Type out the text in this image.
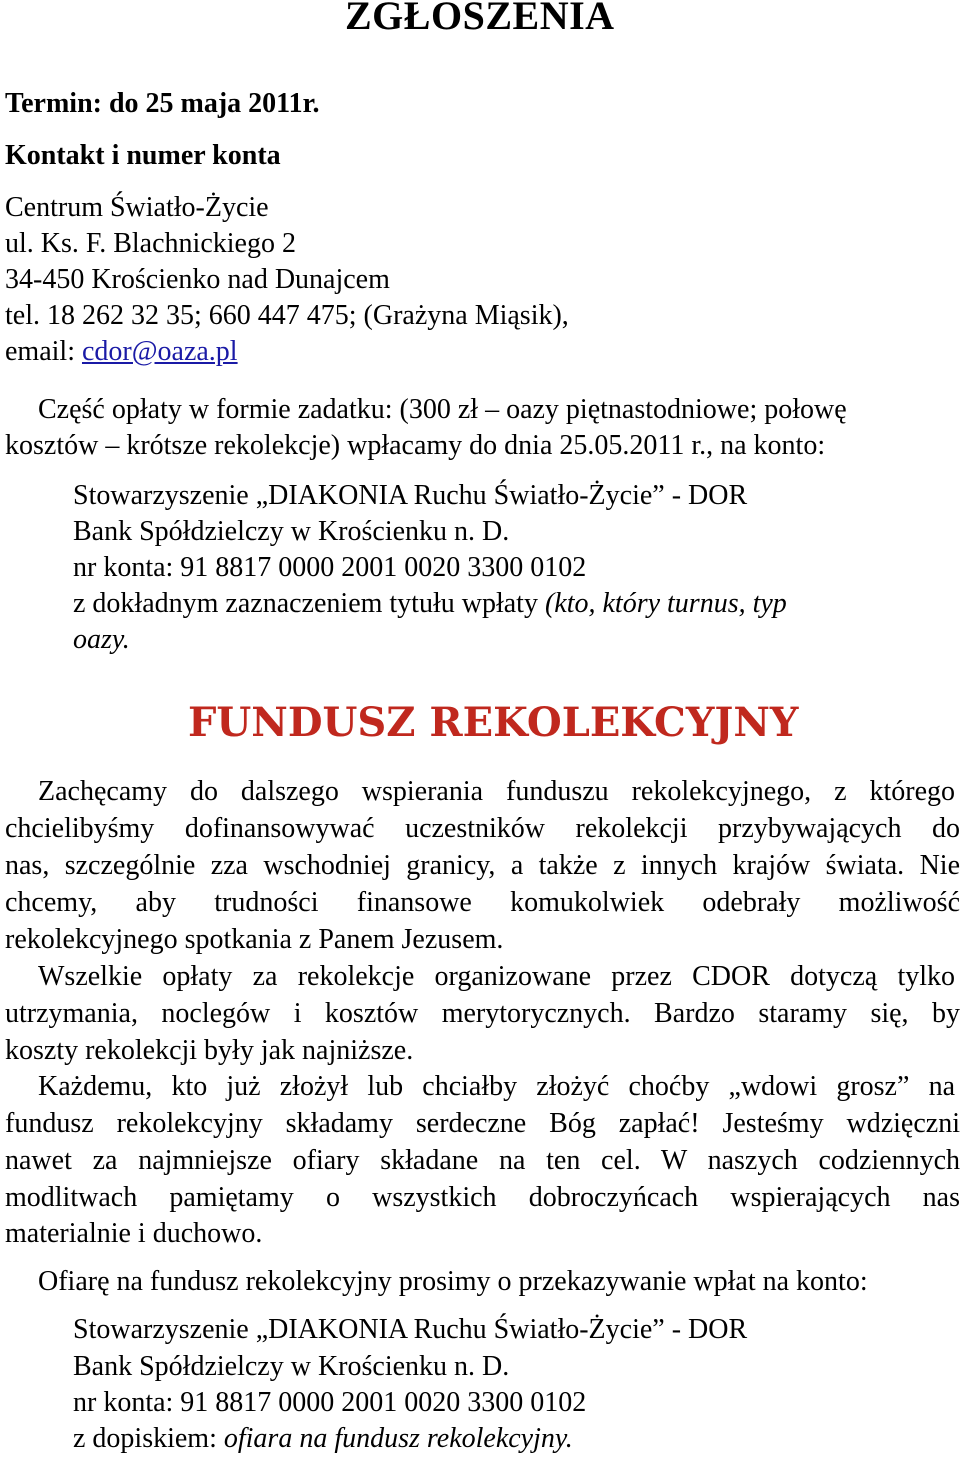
ZGŁOSZENIA
Termin: do 25 maja 2011r.
Kontakt i numer konta
Centrum Światło-Życie
ul. Ks. F. Blachnickiego 2
34-450 Krościenko nad Dunajcem
tel. 18 262 32 35; 660 447 475; (Grażyna Miąsik),
email: cdor@oaza.pl
Część opłaty w formie zadatku: (300 zł – oazy piętnastodniowe; połowę
kosztów – krótsze rekolekcje) wpłacamy do dnia 25.05.2011 r., na konto:
Stowarzyszenie „DIAKONIA Ruchu Światło-Życie” - DOR
Bank Spółdzielczy w Krościenku n. D.
nr konta: 91 8817 0000 2001 0020 3300 0102
z dokładnym zaznaczeniem tytułu wpłaty (kto, który turnus, typ
oazy.
FUNDUSZ REKOLEKCYJNY
Zachęcamy do dalszego wspierania funduszu rekolekcyjnego, z którego
chcielibyśmy dofinansowywać uczestników rekolekcji przybywających do
nas, szczególnie zza wschodniej granicy, a także z innych krajów świata. Nie
chcemy, aby trudności finansowe komukolwiek odebrały możliwość
rekolekcyjnego spotkania z Panem Jezusem.
Wszelkie opłaty za rekolekcje organizowane przez CDOR dotyczą tylko
utrzymania, noclegów i kosztów merytorycznych. Bardzo staramy się, by
koszty rekolekcji były jak najniższe.
Każdemu, kto już złożył lub chciałby złożyć choćby „wdowi grosz” na
fundusz rekolekcyjny składamy serdeczne Bóg zapłać! Jesteśmy wdzięczni
nawet za najmniejsze ofiary składane na ten cel. W naszych codziennych
modlitwach pamiętamy o wszystkich dobroczyńcach wspierających nas
materialnie i duchowo.
Ofiarę na fundusz rekolekcyjny prosimy o przekazywanie wpłat na konto:
Stowarzyszenie „DIAKONIA Ruchu Światło-Życie” - DOR
Bank Spółdzielczy w Krościenku n. D.
nr konta: 91 8817 0000 2001 0020 3300 0102
z dopiskiem: ofiara na fundusz rekolekcyjny.
